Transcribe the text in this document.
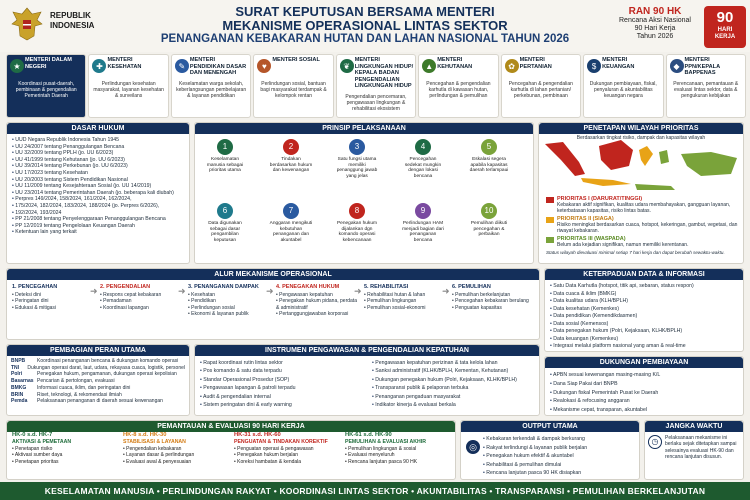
REPUBLIK
INDONESIA
SURAT KEPUTUSAN BERSAMA MENTERI
MEKANISME OPERASIONAL LINTAS SEKTOR
PENANGANAN KEBAKARAN HUTAN DAN LAHAN NASIONAL TAHUN 2026
RAN 90 HK
Rencana Aksi Nasional
90 Hari Kerja
Tahun 2026
90
HARI
KERJA
★
MENTERI DALAM NEGERI
Koordinasi pusat-daerah, pembinaan & pengendalian Pemerintah Daerah
✚
MENTERI KESEHATAN
Perlindungan kesehatan masyarakat, layanan kesehatan & surveilans
✎
MENTERI PENDIDIKAN DASAR DAN MENENGAH
Keselamatan warga sekolah, keberlangsungan pembelajaran & layanan pendidikan
♥
MENTERI SOSIAL
Perlindungan sosial, bantuan bagi masyarakat terdampak & kelompok rentan
❦
MENTERI LINGKUNGAN HIDUP/ KEPALA BADAN PENGENDALIAN LINGKUNGAN HIDUP
Pengendalian pencemaran, pengawasan lingkungan & rehabilitasi ekosistem
▲
MENTERI KEHUTANAN
Pencegahan & pengendalian karhutla di kawasan hutan, perlindungan & pemulihan
✿
MENTERI PERTANIAN
Pencegahan & pengendalian karhutla di lahan pertanian/ perkebunan, pembinaan
$
MENTERI KEUANGAN
Dukungan pembiayaan, fiskal, penyaluran & akuntabilitas keuangan negara
◆
MENTERI PPN/KEPALA BAPPENAS
Perencanaan, pemantauan & evaluasi lintas sektor, data & pengukuran kebijakan
DASAR HUKUM
• UUD Negara Republik Indonesia Tahun 1945
• UU 24/2007 tentang Penanggulangan Bencana
• UU 32/2009 tentang PPLH (jo. UU 6/2023)
• UU 41/1999 tentang Kehutanan (jo. UU 6/2023)
• UU 39/2014 tentang Perkebunan (jo. UU 6/2023)
• UU 17/2023 tentang Kesehatan
• UU 20/2003 tentang Sistem Pendidikan Nasional
• UU 11/2009 tentang Kesejahteraan Sosial (jo. UU 14/2019)
• UU 23/2014 tentang Pemerintahan Daerah (jo. beberapa kali diubah)
• Perpres 149/2024, 158/2024, 161/2024, 162/2024,
• 175/2024, 182/2024, 183/2024, 188/2024 (jo. Perpres 6/2026),
• 192/2024, 193/2024
• PP 21/2008 tentang Penyelenggaraan Penanggulangan Bencana
• PP 12/2019 tentang Pengelolaan Keuangan Daerah
• Ketentuan lain yang terkait
PRINSIP PELAKSANAAN
1
Keselamatan manusia sebagai prioritas utama
2
Tindakan berdasarkan hukum dan kewenangan
3
Satu fungsi utama memiliki penanggung jawab yang jelas
4
Pencegahan sedekat mungkin dengan lokasi bencana
5
Eskalasi segera apabila kapasitas daerah terlampaui
6
Data digunakan sebagai dasar pengambilan keputusan
7
Anggaran mengikuti kebutuhan penanganan dan akuntabel
8
Penegakan hukum dijalankan dgn komando operasi kebencanaan
9
Perlindungan HAM menjadi bagian dari penanganan bencana
10
Pemulihan diikuti pencegahan & perbaikan
PENETAPAN WILAYAH PRIORITAS
Berdasarkan tingkat risiko, dampak dan kapasitas wilayah
PRIORITAS I (DARURAT/TINGGI)
Kebakaran aktif signifikan, kualitas udara membahayakan, gangguan layanan, keterbatasan kapasitas, risiko lintas batas.
PRIORITAS II (SIAGA)
Risiko meningkat berdasarkan cuaca, hotspot, kekeringan, gambut, vegetasi, dan riwayat kebakaran.
PRIORITAS III (WASPADA)
Belum ada kejadian signifikan, namun memiliki kerentanan.
Status wilayah dievaluasi minimal setiap 7 hari kerja dan dapat berubah sewaktu-waktu.
ALUR MEKANISME OPERASIONAL
1. PENCEGAHAN
• Deteksi dini
• Peringatan dini
• Edukasi & mitigasi
➜ 2. PENGENDALIAN
• Respons cepat kebakaran
• Pemadaman
• Koordinasi lapangan
➜ 3. PENANGANAN DAMPAK
• Kesehatan
• Pendidikan
• Perlindungan sosial
• Ekonomi & layanan publik
➜ 4. PENEGAKAN HUKUM
• Pengawasan kepatuhan
• Penegakan hukum pidana, perdata & administratif
• Pertanggungjawaban korporasi
➜ 5. REHABILITASI
• Rehabilitasi hutan & lahan
• Pemulihan lingkungan
• Pemulihan sosial-ekonomi
➜ 6. PEMULIHAN
• Pemulihan berkelanjutan
• Pencegahan kebakaran berulang
• Penguatan kapasitas
KETERPADUAN DATA & INFORMASI
• Satu Data Karhutla (hotspot, titik api, sebaran, status respon)
• Data cuaca & iklim (BMKG)
• Data kualitas udara (KLH/BPLH)
• Data kesehatan (Kemenkes)
• Data pendidikan (Kemendikdasmen)
• Data sosial (Kemensos)
• Data penegakan hukum (Polri, Kejaksaan, KLHK/BPLH)
• Data keuangan (Kemenkeu)
• Integrasi melalui platform nasional yang aman & real-time
PEMBAGIAN PERAN UTAMA
BNPB	Koordinasi penanganan bencana & dukungan komando operasi
TNI	Dukungan operasi darat, laut, udara, rekayasa cuaca, logistik, personel
Polri	Penegakan hukum, pengamanan, dukungan operasi kepolisian
Basarnas Pencarian & pertolongan, evakuasi
BMKG	Informasi cuaca, iklim, dan peringatan dini
BRIN	Riset, teknologi, & rekomendasi ilmiah
Pemda	Pelaksanaan penanganan di daerah sesuai kewenangan
INSTRUMEN PENGAWASAN & PENGENDALIAN KEPATUHAN
• Rapat koordinasi rutin lintas sektor
• Pos komando & satu data terpadu
• Standar Operasional Prosedur (SOP)
• Pengawasan lapangan & patroli terpadu
• Audit & pengendalian internal
• Sistem peringatan dini & early warning
• Pengawasan kepatuhan perizinan & tata kelola lahan
• Sanksi administratif (KLHK/BPLH, Kementan, Kehutanan)
• Dukungan penegakan hukum (Polri, Kejaksaan, KLHK/BPLH)
• Transparansi publik & pelaporan terbuka
• Penanganan pengaduan masyarakat
• Indikator kinerja & evaluasi berkala
DUKUNGAN PEMBIAYAAN
• APBN sesuai kewenangan masing-masing K/L
• Dana Siap Pakai dari BNPB
• Dukungan fiskal Pemerintah Pusat ke Daerah
• Realokasi & refocusing anggaran
• Mekanisme cepat, transparan, akuntabel
PEMANTAUAN & EVALUASI 90 HARI KERJA
HK-0 s.d. HK-7
AKTIVASI & PEMETAAN
• Penetapan risiko
• Aktivasi sumber daya
• Penetapan prioritas
HK-8 s.d. HK-30
STABILISASI & LAYANAN
• Pengendalian kebakaran
• Layanan dasar & perlindungan
• Evaluasi awal & penyesuaian
HK-31 s.d. HK-60
PENGUATAN & TINDAKAN KOREKTIF
• Penguatan operasi & pengawasan
• Penegakan hukum berjalan
• Koreksi hambatan & kendala
HK-61 s.d. HK-90
PEMULIHAN & EVALUASI AKHIR
• Pemulihan lingkungan & sosial
• Evaluasi menyeluruh
• Rencana lanjutan pasca 90 HK
OUTPUT UTAMA
• Kebakaran terkendali & dampak berkurang
• Rakyat terlindungi & layanan publik berjalan
• Penegakan hukum efektif & akuntabel
• Rehabilitasi & pemulihan dimulai
• Rencana lanjutan pasca 90 HK disiapkan
◎
JANGKA WAKTU
◷	Pelaksanaan mekanisme ini berlaku sejak ditetapkan sampai selesainya evaluasi HK-90 dan rencana lanjutan disusun.
KESELAMATAN MANUSIA • PERLINDUNGAN RAKYAT • KOORDINASI LINTAS SEKTOR • AKUNTABILITAS • TRANSPARANSI • PEMULIHAN BERKELANJUTAN
